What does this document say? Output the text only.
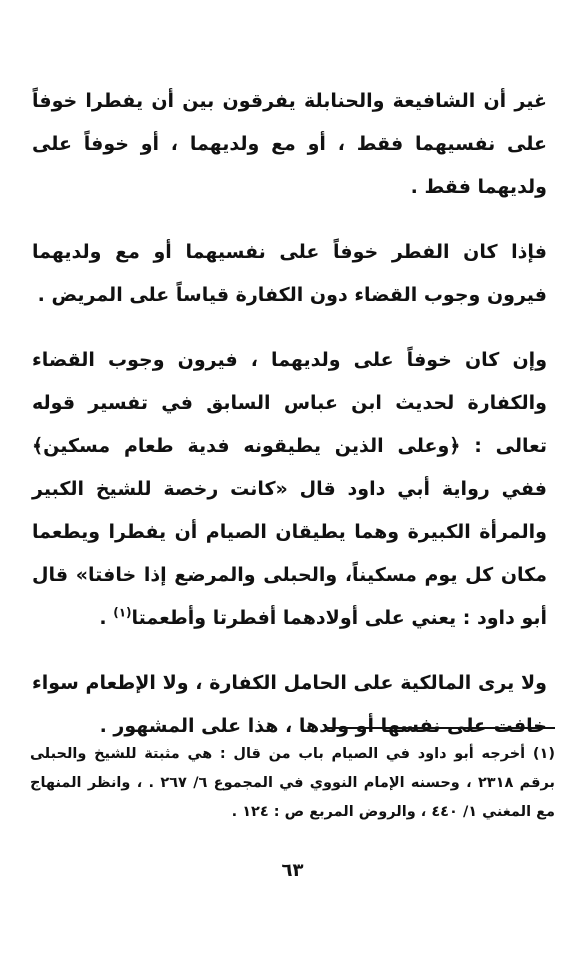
غير أن الشافيعة والحنابلة يفرقون بين أن يفطرا خوفاً على نفسيهما فقط ، أو مع ولديهما ، أو خوفاً على ولديهما فقط .

فإذا كان الفطر خوفاً على نفسيهما أو مع ولديهما فيرون وجوب القضاء دون الكفارة قياساً على المريض .

وإن كان خوفاً على ولديهما ، فيرون وجوب القضاء والكفارة لحديث ابن عباس السابق في تفسير قوله تعالى : ﴿وعلى الذين يطيقونه فدية طعام مسكين﴾ ففي رواية أبي داود قال «كانت رخصة للشيخ الكبير والمرأة الكبيرة وهما يطيقان الصيام أن يفطرا ويطعما مكان كل يوم مسكيناً، والحبلى والمرضع إذا خافتا» قال أبو داود : يعني على أولادهما أفطرتا وأطعمتا$^{(١)}$ .

ولا يرى المالكية على الحامل الكفارة ، ولا الإطعام سواء خافت على نفسها أو ولدها ، هذا على المشهور .

(١) أخرجه أبو داود في الصيام باب من قال : هي مثبتة للشيخ والحبلى برقم ٢٣١٨ ، وحسنه الإمام النووي في المجموع ٦/ ٢٦٧ . ، وانظر المنهاج مع المغني ١/ ٤٤٠ ، والروض المربع ص : ١٢٤ .

٦٣
